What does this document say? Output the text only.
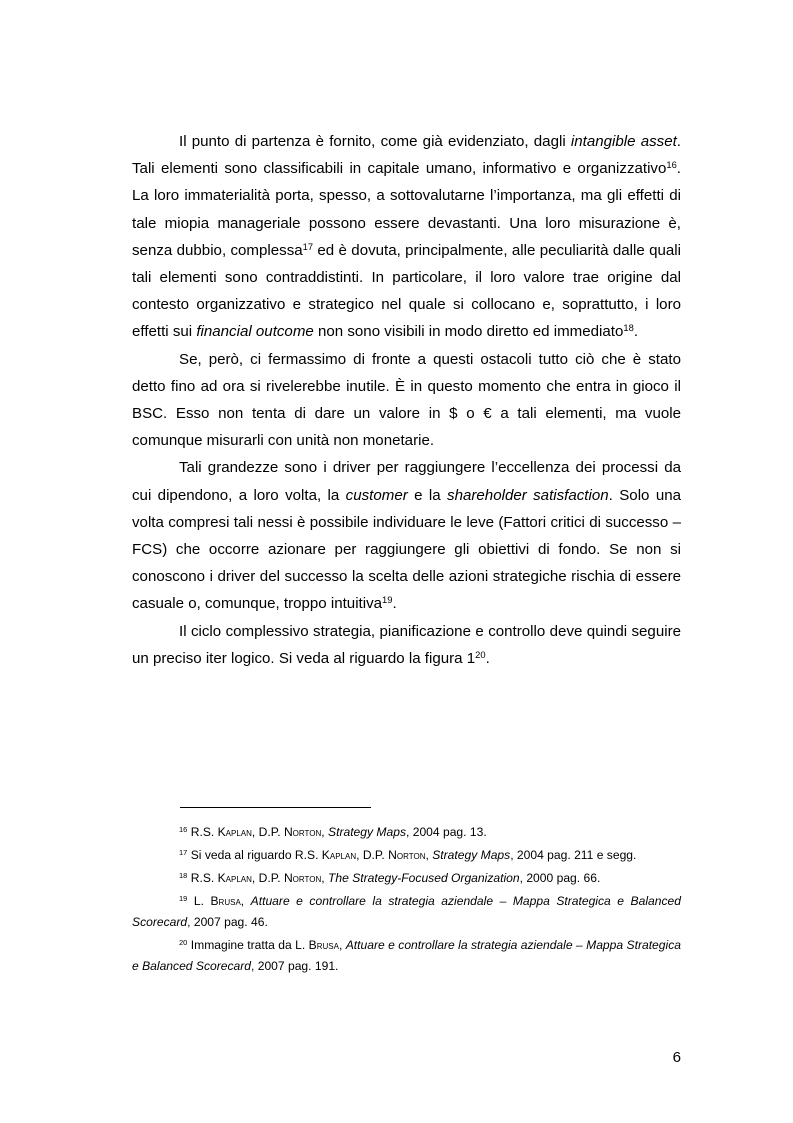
Il punto di partenza è fornito, come già evidenziato, dagli intangible asset. Tali elementi sono classificabili in capitale umano, informativo e organizzativo$^{16}$. La loro immaterialità porta, spesso, a sottovalutarne l’importanza, ma gli effetti di tale miopia manageriale possono essere devastanti. Una loro misurazione è, senza dubbio, complessa$^{17}$ ed è dovuta, principalmente, alle peculiarità dalle quali tali elementi sono contraddistinti. In particolare, il loro valore trae origine dal contesto organizzativo e strategico nel quale si collocano e, soprattutto, i loro effetti sui financial outcome non sono visibili in modo diretto ed immediato$^{18}$.

Se, però, ci fermassimo di fronte a questi ostacoli tutto ciò che è stato detto fino ad ora si rivelerebbe inutile. È in questo momento che entra in gioco il BSC. Esso non tenta di dare un valore in $ o € a tali elementi, ma vuole comunque misurarli con unità non monetarie.

Tali grandezze sono i driver per raggiungere l’eccellenza dei processi da cui dipendono, a loro volta, la customer e la shareholder satisfaction. Solo una volta compresi tali nessi è possibile individuare le leve (Fattori critici di successo – FCS) che occorre azionare per raggiungere gli obiettivi di fondo. Se non si conoscono i driver del successo la scelta delle azioni strategiche rischia di essere casuale o, comunque, troppo intuitiva$^{19}$.

Il ciclo complessivo strategia, pianificazione e controllo deve quindi seguire un preciso iter logico. Si veda al riguardo la figura $1^{20}$.

$^{16}$ R.S. Kaplan, D.P. Norton, Strategy Maps, 2004 pag. 13.

$^{17}$ Si veda al riguardo R.S. Kaplan, D.P. Norton, Strategy Maps, 2004 pag. 211 e segg.

$^{18}$ R.S. Kaplan, D.P. Norton, The Strategy-Focused Organization, 2000 pag. 66.

$^{19}$ L. Brusa, Attuare e controllare la strategia aziendale – Mappa Strategica e Balanced Scorecard, 2007 pag. 46.

$^{20}$ Immagine tratta da L. Brusa, Attuare e controllare la strategia aziendale – Mappa Strategica e Balanced Scorecard, 2007 pag. 191.

6
